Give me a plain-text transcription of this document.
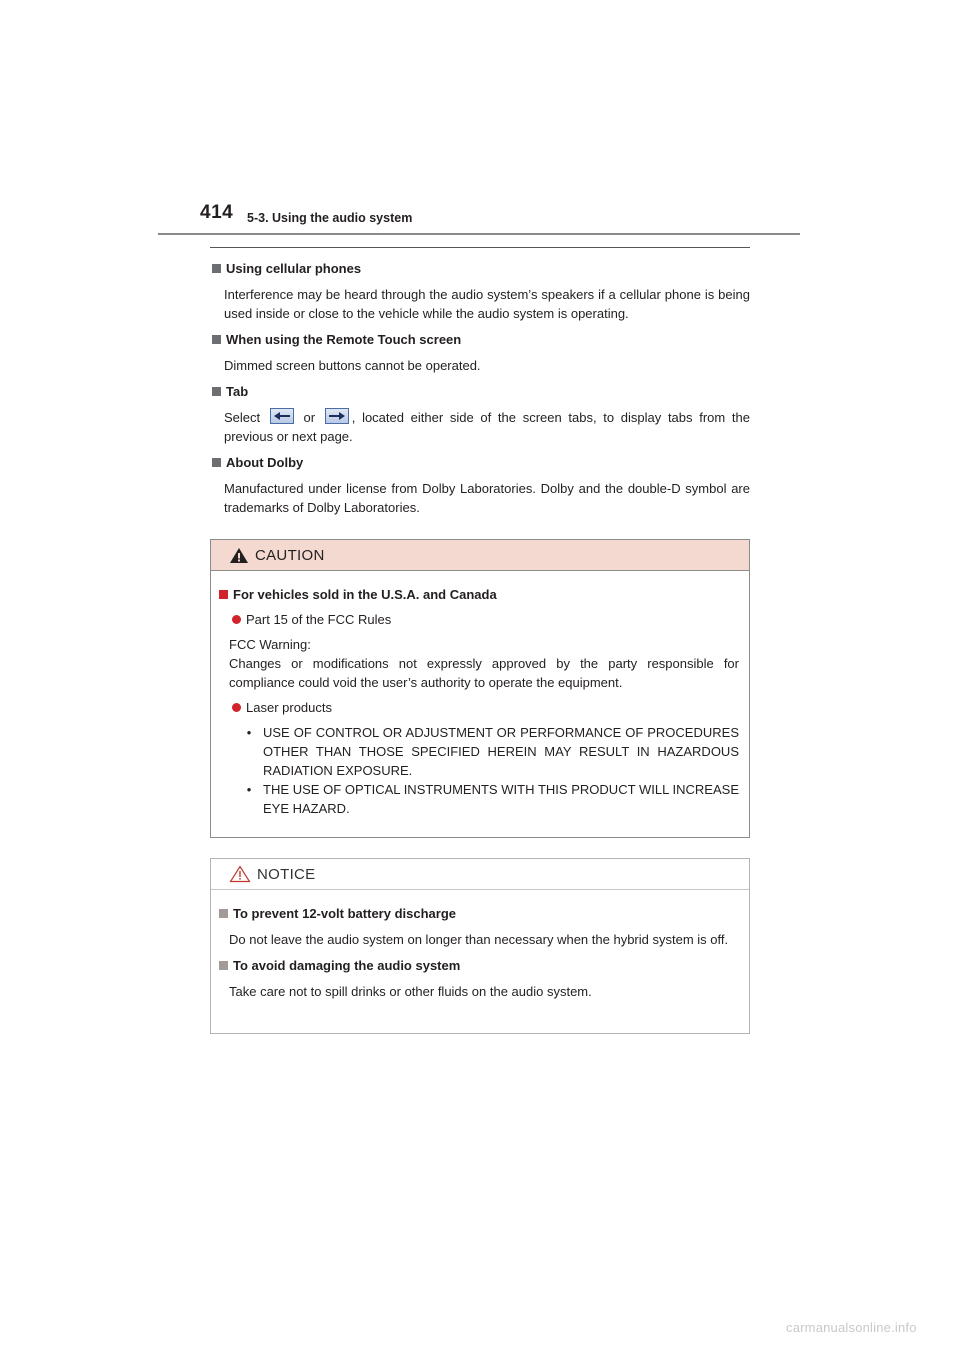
414 5-3. Using the audio system
Using cellular phones
Interference may be heard through the audio system’s speakers if a cellular phone is being used inside or close to the vehicle while the audio system is operating.
When using the Remote Touch screen
Dimmed screen buttons cannot be operated.
Tab
Select	or	, located either side of the screen tabs, to display tabs from the previous or next page.
About Dolby
Manufactured under license from Dolby Laboratories. Dolby and the double-D symbol are trademarks of Dolby Laboratories.
CAUTION
For vehicles sold in the U.S.A. and Canada
Part 15 of the FCC Rules
FCC Warning:
Changes or modifications not expressly approved by the party responsible for compliance could void the user’s authority to operate the equipment.
Laser products
• USE OF CONTROL OR ADJUSTMENT OR PERFORMANCE OF PROCEDURES OTHER THAN THOSE SPECIFIED HEREIN MAY RESULT IN HAZARDOUS RADIATION EXPOSURE.
• THE USE OF OPTICAL INSTRUMENTS WITH THIS PRODUCT WILL INCREASE EYE HAZARD.
NOTICE
To prevent 12-volt battery discharge
Do not leave the audio system on longer than necessary when the hybrid system is off.
To avoid damaging the audio system
Take care not to spill drinks or other fluids on the audio system.
carmanualsonline.info
